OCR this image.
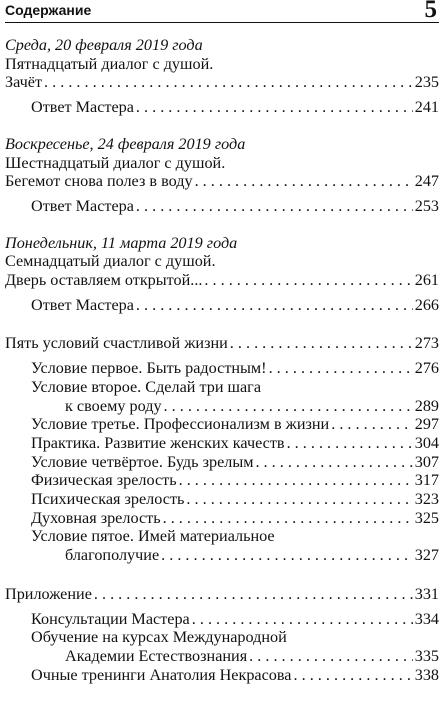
Содержание	5
Среда, 20 февраля 2019 года
Пятнадцатый диалог с душой.
Зачёт . . .	235
Ответ Мастера . . .	241
Воскресенье, 24 февраля 2019 года
Шестнадцатый диалог с душой.
Бегемот снова полез в воду . . .	247
Ответ Мастера . . .	253
Понедельник, 11 марта 2019 года
Семнадцатый диалог с душой.
Дверь оставляем открытой... . . .	261
Ответ Мастера . . .	266
Пять условий счастливой жизни . . .	273
Условие первое. Быть радостным! . . .	276
Условие второе. Сделай три шага
к своему роду . . .	289
Условие третье. Профессионализм в жизни . . .	297
Практика. Развитие женских качеств . . .	304
Условие четвёртое. Будь зрелым . . .	307
Физическая зрелость . . .	317
Психическая зрелость . . .	323
Духовная зрелость . . .	325
Условие пятое. Имей материальное
благополучие . . .	327
Приложение . . .	331
Консультации Мастера . . .	334
Обучение на курсах Международной
Академии Естествознания . . .	335
Очные тренинги Анатолия Некрасова . . .	338
